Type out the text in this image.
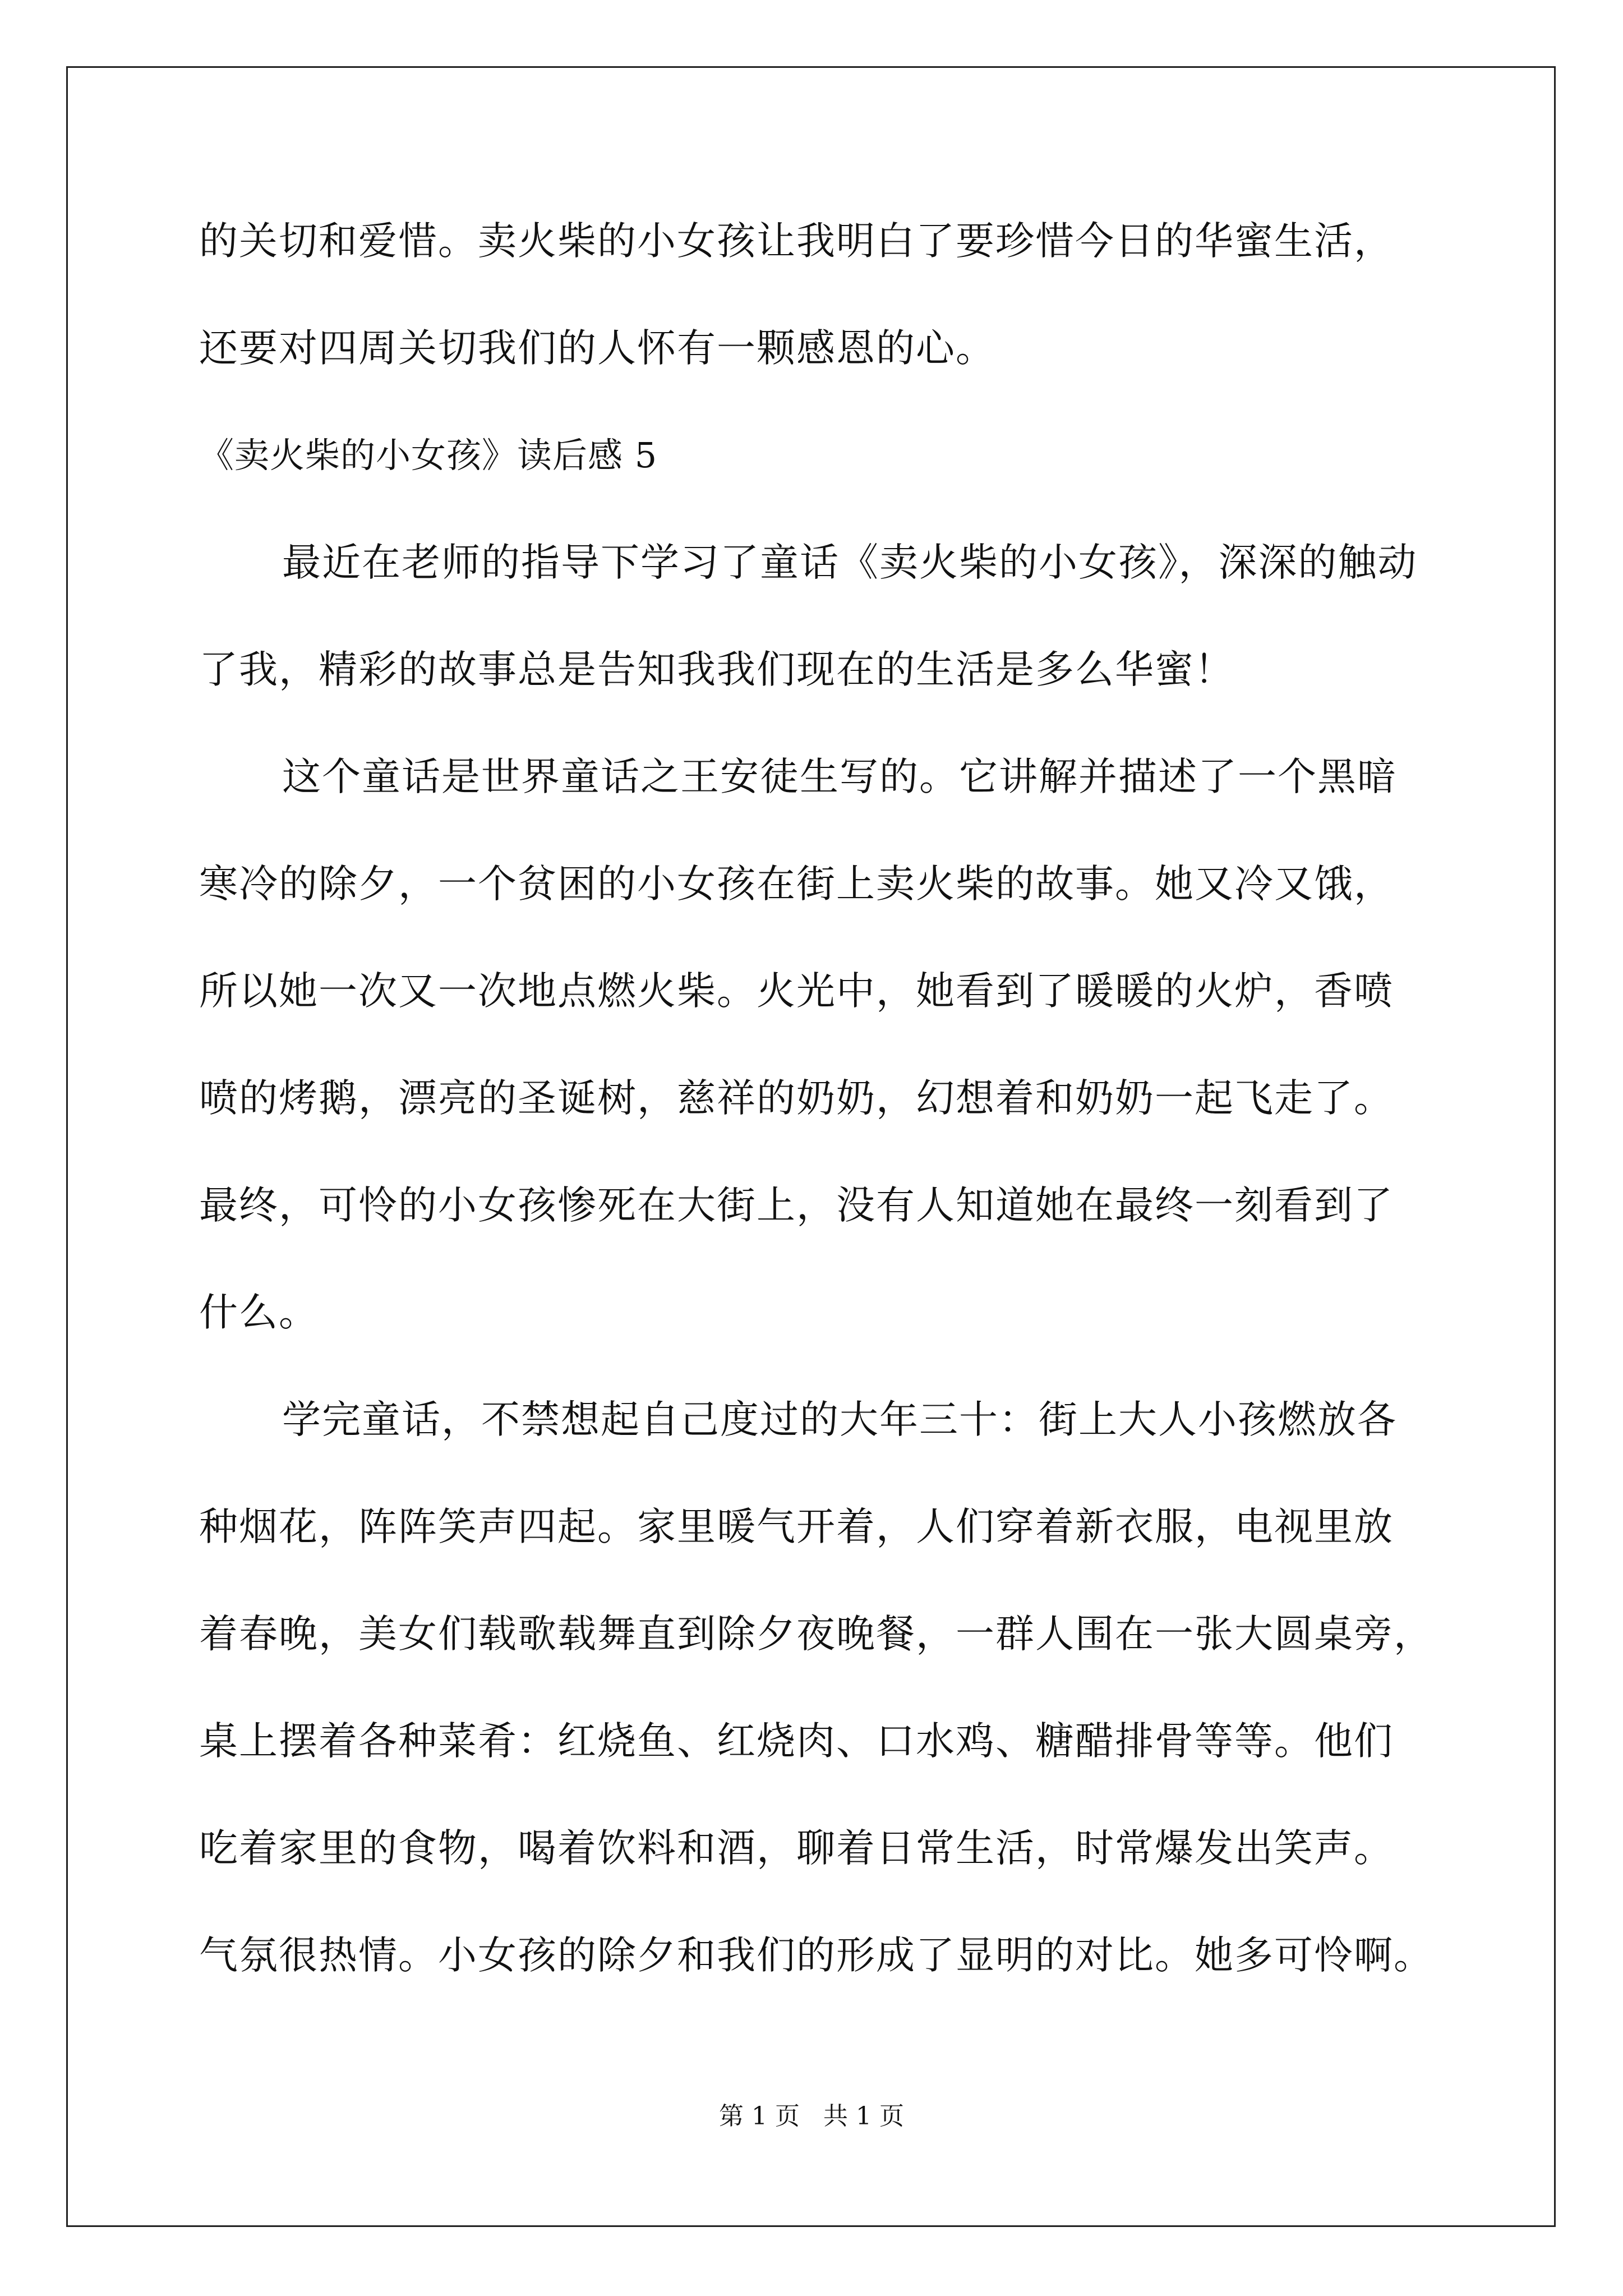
的关切和爱惜。卖火柴的小女孩让我明白了要珍惜今日的华蜜生活，
还要对四周关切我们的人怀有一颗感恩的心。
《卖火柴的小女孩》读后感 5
最近在老师的指导下学习了童话《卖火柴的小女孩》，深深的触动
了我，精彩的故事总是告知我我们现在的生活是多么华蜜！
这个童话是世界童话之王安徒生写的。它讲解并描述了一个黑暗
寒冷的除夕，一个贫困的小女孩在街上卖火柴的故事。她又冷又饿，
所以她一次又一次地点燃火柴。火光中，她看到了暖暖的火炉，香喷
喷的烤鹅，漂亮的圣诞树，慈祥的奶奶，幻想着和奶奶一起飞走了。
最终，可怜的小女孩惨死在大街上，没有人知道她在最终一刻看到了
什么。
学完童话，不禁想起自己度过的大年三十：街上大人小孩燃放各
种烟花，阵阵笑声四起。家里暖气开着，人们穿着新衣服，电视里放
着春晚，美女们载歌载舞直到除夕夜晚餐，一群人围在一张大圆桌旁，
桌上摆着各种菜肴：红烧鱼、红烧肉、口水鸡、糖醋排骨等等。他们
吃着家里的食物，喝着饮料和酒，聊着日常生活，时常爆发出笑声。
气氛很热情。小女孩的除夕和我们的形成了显明的对比。她多可怜啊。
第 1 页   共 1 页
